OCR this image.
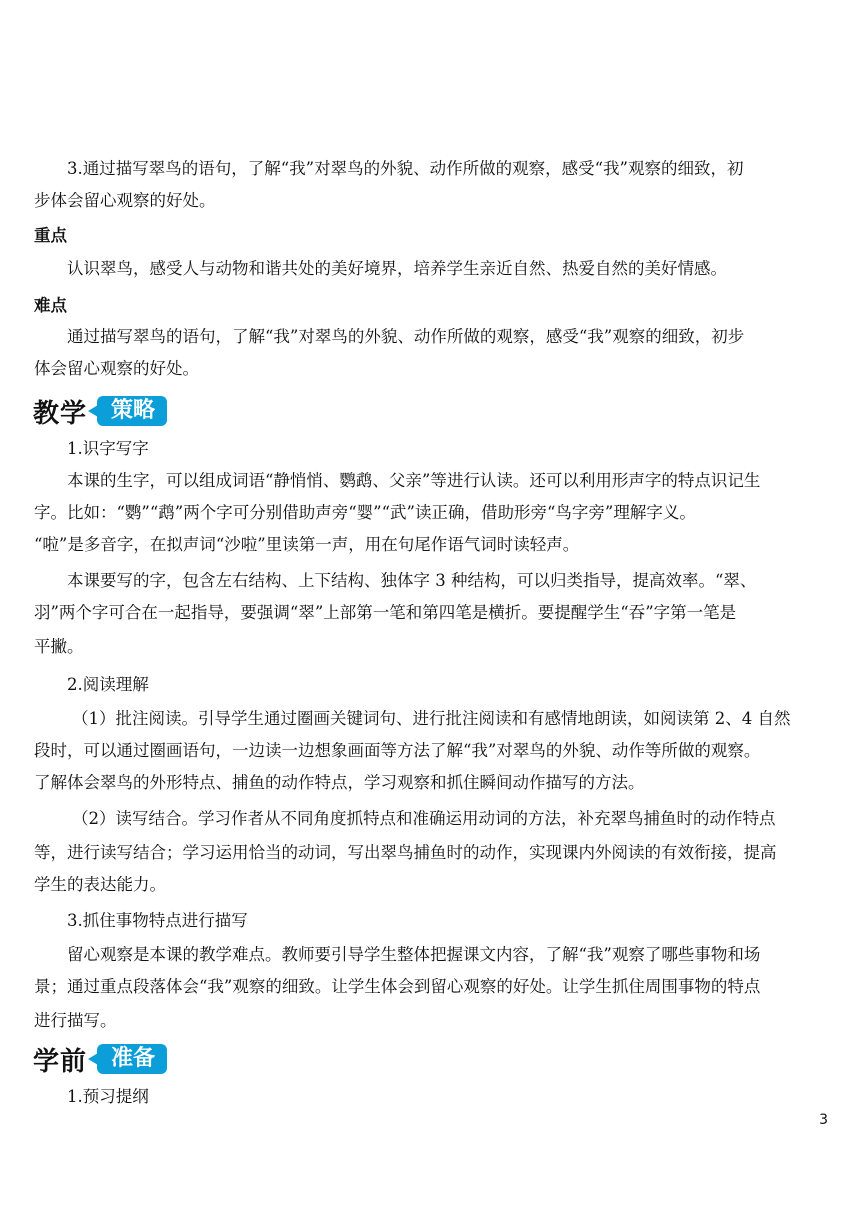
3.通过描写翠鸟的语句，了解“我”对翠鸟的外貌、动作所做的观察，感受“我”观察的细致，初

步体会留心观察的好处。

重点

认识翠鸟，感受人与动物和谐共处的美好境界，培养学生亲近自然、热爱自然的美好情感。

难点

通过描写翠鸟的语句，了解“我”对翠鸟的外貌、动作所做的观察，感受“我”观察的细致，初步

体会留心观察的好处。

教学	策略

1.识字写字

本课的生字，可以组成词语“静悄悄、鹦鹉、父亲”等进行认读。还可以利用形声字的特点识记生

字。比如：“鹦”“鹉”两个字可分别借助声旁“婴”“武”读正确，借助形旁“鸟字旁”理解字义。

“啦”是多音字，在拟声词“沙啦”里读第一声，用在句尾作语气词时读轻声。

本课要写的字，包含左右结构、上下结构、独体字 3 种结构，可以归类指导，提高效率。“翠、

羽”两个字可合在一起指导，要强调“翠”上部第一笔和第四笔是横折。要提醒学生“吞”字第一笔是

平撇。

2.阅读理解

（1）批注阅读。引导学生通过圈画关键词句、进行批注阅读和有感情地朗读，如阅读第 2、4 自然

段时，可以通过圈画语句，一边读一边想象画面等方法了解“我”对翠鸟的外貌、动作等所做的观察。

了解体会翠鸟的外形特点、捕鱼的动作特点，学习观察和抓住瞬间动作描写的方法。

（2）读写结合。学习作者从不同角度抓特点和准确运用动词的方法，补充翠鸟捕鱼时的动作特点

等，进行读写结合；学习运用恰当的动词，写出翠鸟捕鱼时的动作，实现课内外阅读的有效衔接，提高

学生的表达能力。

3.抓住事物特点进行描写

留心观察是本课的教学难点。教师要引导学生整体把握课文内容，了解“我”观察了哪些事物和场

景；通过重点段落体会“我”观察的细致。让学生体会到留心观察的好处。让学生抓住周围事物的特点

进行描写。

学前	准备

1.预习提纲

3
